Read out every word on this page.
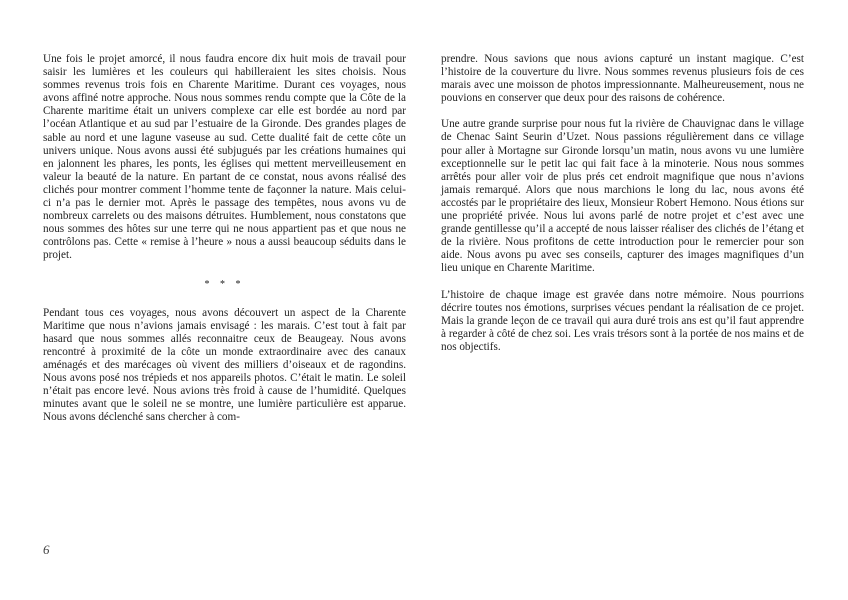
Une fois le projet amorcé, il nous faudra encore dix huit mois de travail pour saisir les lumières et les couleurs qui habilleraient les sites choisis. Nous sommes revenus trois fois en Charente Maritime. Durant ces voyages, nous avons affiné notre approche. Nous nous sommes rendu compte que la Côte de la Charente maritime était un univers complexe car elle est bordée au nord par l’océan Atlantique et au sud par l’estuaire de la Gironde. Des grandes plages de sable au nord et une lagune vaseuse au sud. Cette dualité fait de cette côte un univers unique. Nous avons aussi été subjugués par les créations humaines qui en jalonnent les phares, les ponts, les églises qui mettent merveilleusement en valeur la beauté de la nature. En partant de ce constat, nous avons réalisé des clichés pour montrer comment l’homme tente de façonner la nature. Mais celui-ci n’a pas le dernier mot. Après le passage des tempêtes, nous avons vu de nombreux carrelets ou des maisons détruites. Humblement, nous constatons que nous sommes des hôtes sur une terre qui ne nous appartient pas et que nous ne contrôlons pas. Cette « remise à l’heure » nous a aussi beaucoup séduits dans le projet.

* * *

Pendant tous ces voyages, nous avons découvert un aspect de la Charente Maritime que nous n’avions jamais envisagé : les marais. C’est tout à fait par hasard que nous sommes allés reconnaitre ceux de Beaugeay. Nous avons rencontré à proximité de la côte un monde extraordinaire avec des canaux aménagés et des marécages où vivent des milliers d’oiseaux et de ragondins. Nous avons posé nos trépieds et nos appareils photos. C’était le matin. Le soleil n’était pas encore levé. Nous avions très froid à cause de l’humidité. Quelques minutes avant que le soleil ne se montre, une lumière particulière est apparue. Nous avons déclenché sans chercher à com-

prendre. Nous savions que nous avions capturé un instant magique. C’est l’histoire de la couverture du livre. Nous sommes revenus plusieurs fois de ces marais avec une moisson de photos impressionnante. Malheureusement, nous ne pouvions en conserver que deux pour des raisons de cohérence.

Une autre grande surprise pour nous fut la rivière de Chauvignac dans le village de Chenac Saint Seurin d’Uzet. Nous passions régulièrement dans ce village pour aller à Mortagne sur Gironde lorsqu’un matin, nous avons vu une lumière exceptionnelle sur le petit lac qui fait face à la minoterie. Nous nous sommes arrêtés pour aller voir de plus prés cet endroit magnifique que nous n’avions jamais remarqué. Alors que nous marchions le long du lac, nous avons été accostés par le propriétaire des lieux, Monsieur Robert Hemono. Nous étions sur une propriété privée. Nous lui avons parlé de notre projet et c’est avec une grande gentillesse qu’il a accepté de nous laisser réaliser des clichés de l’étang et de la rivière. Nous profitons de cette introduction pour le remercier pour son aide. Nous avons pu avec ses conseils, capturer des images magnifiques d’un lieu unique en Charente Maritime.

L’histoire de chaque image est gravée dans notre mémoire. Nous pourrions décrire toutes nos émotions, surprises vécues pendant la réalisation de ce projet. Mais la grande leçon de ce travail qui aura duré trois ans est qu’il faut apprendre à regarder à côté de chez soi. Les vrais trésors sont à la portée de nos mains et de nos objectifs.

6
